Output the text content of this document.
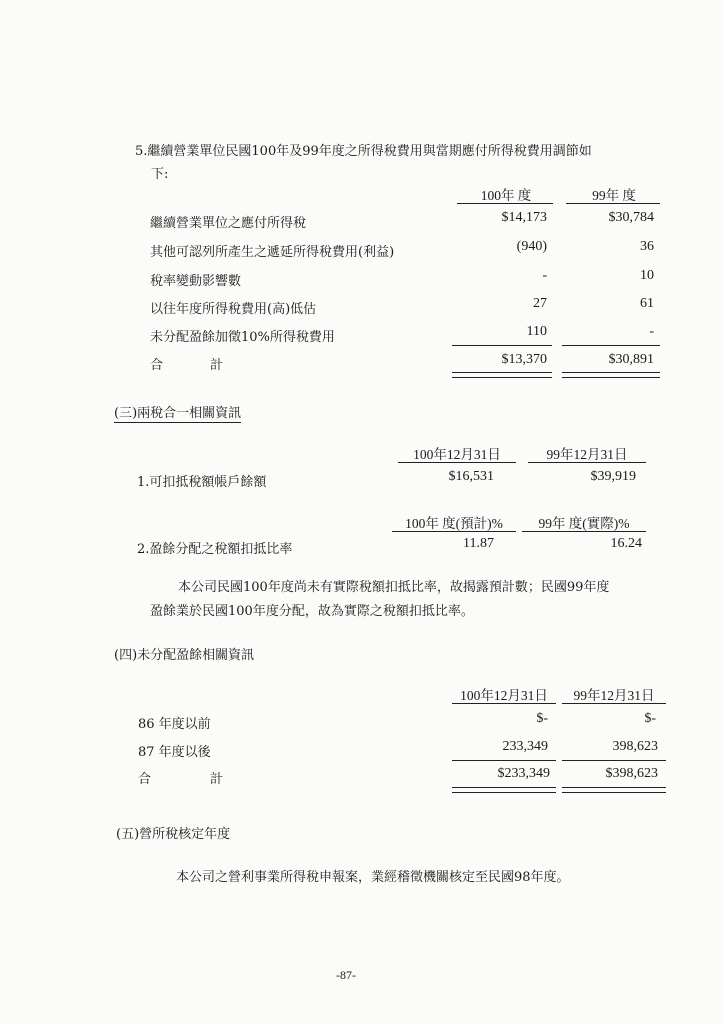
5.繼續營業單位民國100年及99年度之所得稅費用與當期應付所得稅費用調節如
下:
100年 度	99年 度
繼續營業單位之應付所得稅	$14,173	$30,784
其他可認列所產生之遞延所得稅費用(利益)	(940)	36
稅率變動影響數	-	10
以往年度所得稅費用(高)低估	27	61
未分配盈餘加徵10%所得稅費用	110	-
合	計	$13,370	$30,891
(三)兩稅合一相關資訊
100年12月31日	99年12月31日
1.可扣抵稅額帳戶餘額	$16,531	$39,919
100年 度(預計)%	99年 度(實際)%
2.盈餘分配之稅額扣抵比率	11.87	16.24
本公司民國100年度尚未有實際稅額扣抵比率，故揭露預計數；民國99年度
盈餘業於民國100年度分配，故為實際之稅額扣抵比率。
(四)未分配盈餘相關資訊
100年12月31日	99年12月31日
86 年度以前	$-	$-
87 年度以後	233,349	398,623
合	計	$233,349	$398,623
(五)營所稅核定年度
本公司之營利事業所得稅申報案，業經稽徵機關核定至民國98年度。
-87-
